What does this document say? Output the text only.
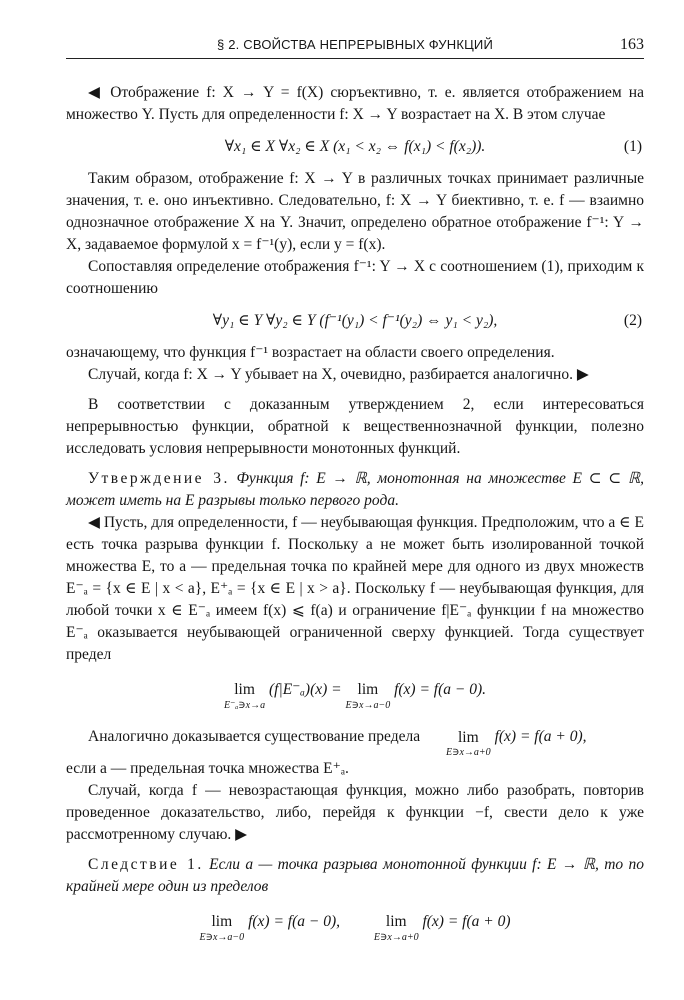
§ 2. СВОЙСТВА НЕПРЕРЫВНЫХ ФУНКЦИЙ	163

◀ Отображение f: X → Y = f(X) сюръективно, т. е. является отображением на множество Y. Пусть для определенности f: X → Y возрастает на X. В этом случае

∀x₁ ∈ X ∀x₂ ∈ X (x₁ < x₂ ⇔ f(x₁) < f(x₂)).	(1)

Таким образом, отображение f: X → Y в различных точках принимает различные значения, т. е. оно инъективно. Следовательно, f: X → Y биективно, т. е. f — взаимно однозначное отображение X на Y. Значит, определено обратное отображение f⁻¹: Y → X, задаваемое формулой x = f⁻¹(y), если y = f(x).

Сопоставляя определение отображения f⁻¹: Y → X с соотношением (1), приходим к соотношению

∀y₁ ∈ Y ∀y₂ ∈ Y (f⁻¹(y₁) < f⁻¹(y₂) ⇔ y₁ < y₂),	(2)

означающему, что функция f⁻¹ возрастает на области своего определения.

Случай, когда f: X → Y убывает на X, очевидно, разбирается аналогично. ▶

В соответствии с доказанным утверждением 2, если интересоваться непрерывностью функции, обратной к вещественнозначной функции, полезно исследовать условия непрерывности монотонных функций.

Утверждение 3. Функция f: E → ℝ, монотонная на множестве E ⊂ ⊂ ℝ, может иметь на E разрывы только первого рода.

◀ Пусть, для определенности, f — неубывающая функция. Предположим, что a ∈ E есть точка разрыва функции f. Поскольку a не может быть изолированной точкой множества E, то a — предельная точка по крайней мере для одного из двух множеств E⁻ₐ = {x ∈ E | x < a}, E⁺ₐ = {x ∈ E | x > a}. Поскольку f — неубывающая функция, для любой точки x ∈ E⁻ₐ имеем f(x) ⩽ f(a) и ограничение f|E⁻ₐ функции f на множество E⁻ₐ оказывается неубывающей ограниченной сверху функцией. Тогда существует предел

lim
E⁻ₐ∋x→a
(f|E⁻ₐ)(x) =	lim
E∋x→a−0
f(x) = f(a − 0).

Аналогично доказывается существование предела lim
E∋x→a+0
f(x) = f(a + 0),

если a — предельная точка множества E⁺ₐ.

Случай, когда f — невозрастающая функция, можно либо разобрать, повторив проведенное доказательство, либо, перейдя к функции −f, свести дело к уже рассмотренному случаю. ▶

Следствие 1. Если a — точка разрыва монотонной функции f: E → ℝ, то по крайней мере один из пределов

lim
E∋x→a−0
f(x) = f(a − 0),	lim
E∋x→a+0
f(x) = f(a + 0)
